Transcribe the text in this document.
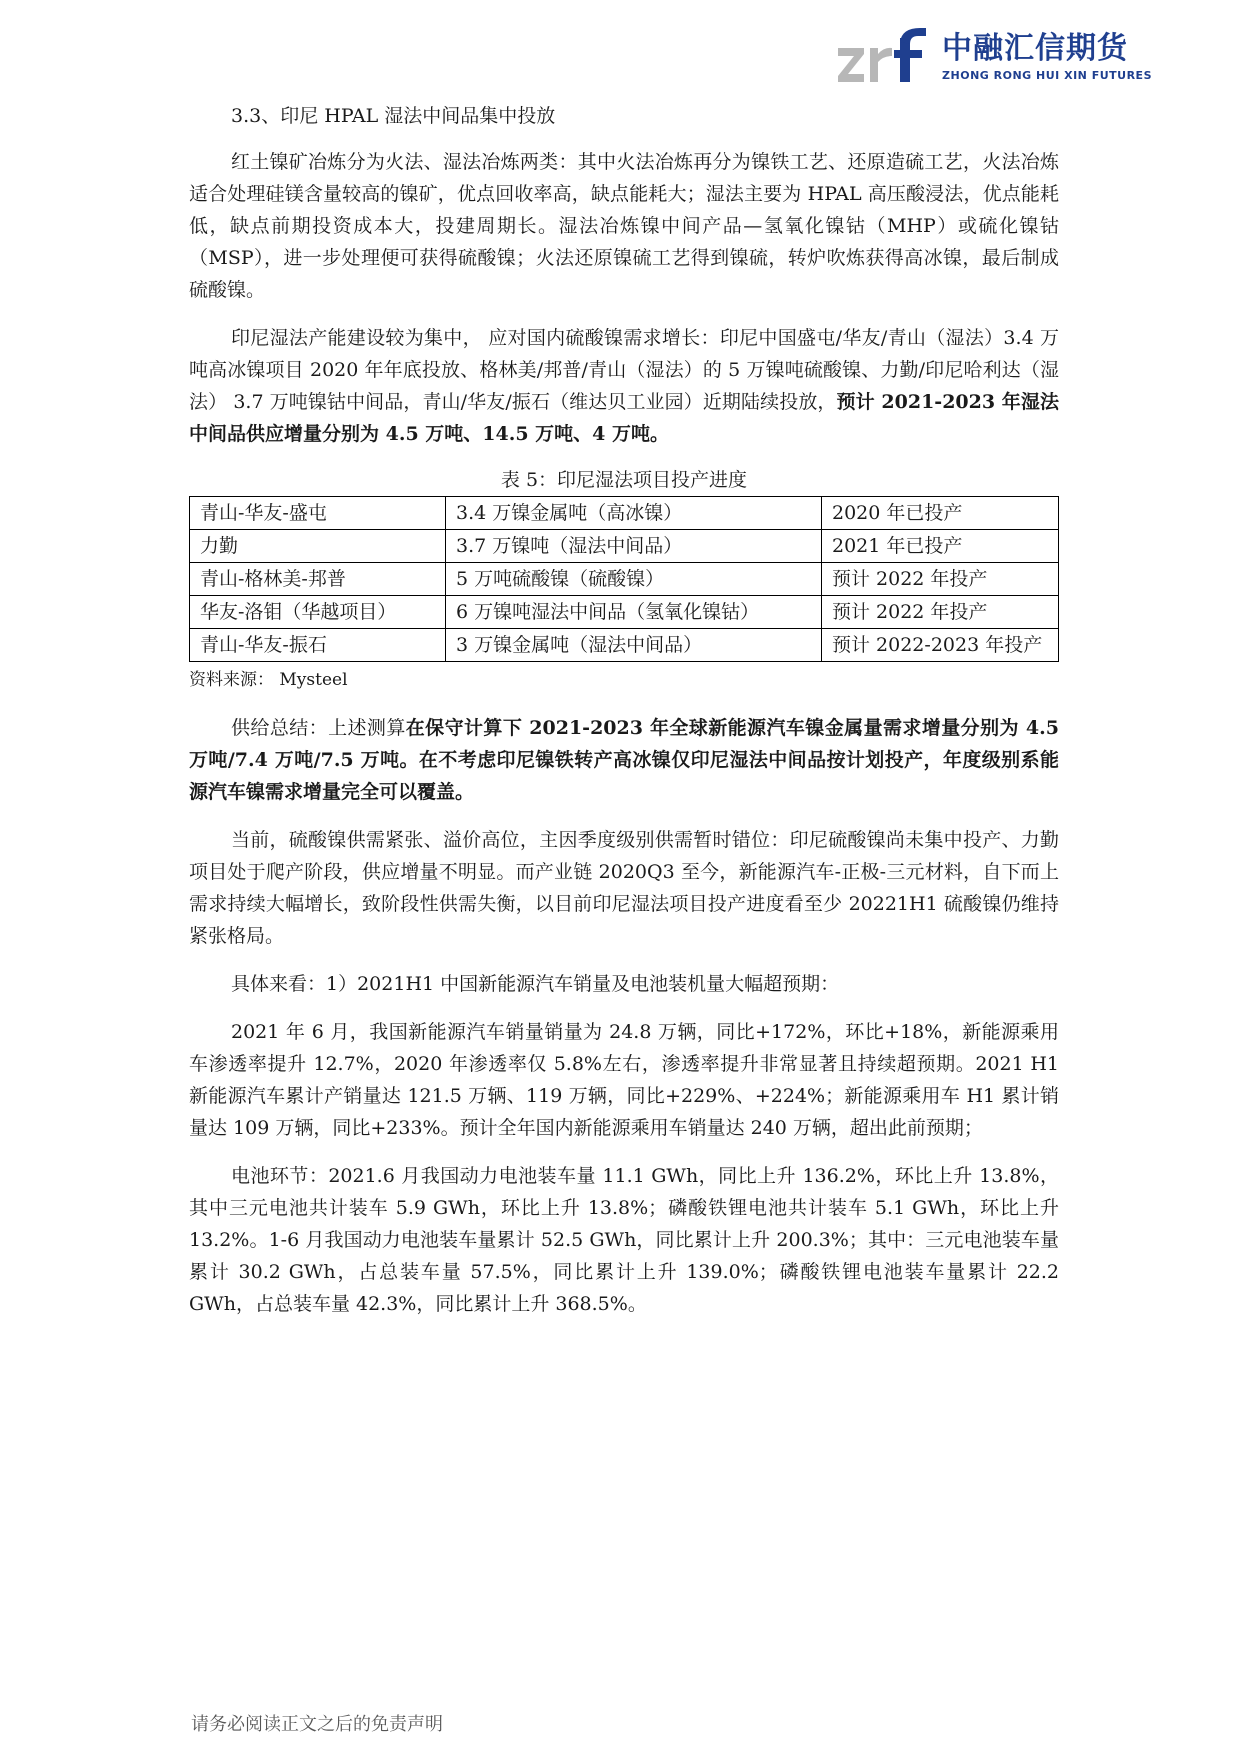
中融汇信期货
ZHONG RONG HUI XIN FUTURES

3.3、印尼 HPAL 湿法中间品集中投放

红土镍矿冶炼分为火法、湿法冶炼两类：其中火法冶炼再分为镍铁工艺、还原造硫工艺，火法冶炼适合处理硅镁含量较高的镍矿，优点回收率高，缺点能耗大；湿法主要为 HPAL 高压酸浸法，优点能耗低，缺点前期投资成本大，投建周期长。湿法冶炼镍中间产品—氢氧化镍钴（MHP）或硫化镍钴（MSP），进一步处理便可获得硫酸镍；火法还原镍硫工艺得到镍硫，转炉吹炼获得高冰镍，最后制成硫酸镍。

印尼湿法产能建设较为集中， 应对国内硫酸镍需求增长：印尼中国盛屯/华友/青山（湿法）3.4 万吨高冰镍项目 2020 年年底投放、格林美/邦普/青山（湿法）的 5 万镍吨硫酸镍、力勤/印尼哈利达（湿法） 3.7 万吨镍钴中间品，青山/华友/振石（维达贝工业园）近期陆续投放，预计 2021-2023 年湿法中间品供应增量分别为 4.5 万吨、14.5 万吨、4 万吨。

表 5：印尼湿法项目投产进度

青山-华友-盛屯	3.4 万镍金属吨（高冰镍）	2020 年已投产
力勤	3.7 万镍吨（湿法中间品）	2021 年已投产
青山-格林美-邦普	5 万吨硫酸镍（硫酸镍）	预计 2022 年投产
华友-洛钼（华越项目）	6 万镍吨湿法中间品（氢氧化镍钴）	预计 2022 年投产
青山-华友-振石	3 万镍金属吨（湿法中间品）	预计 2022-2023 年投产

资料来源： Mysteel

供给总结：上述测算在保守计算下 2021-2023 年全球新能源汽车镍金属量需求增量分别为 4.5 万吨/7.4 万吨/7.5 万吨。在不考虑印尼镍铁转产高冰镍仅印尼湿法中间品按计划投产，年度级别系能源汽车镍需求增量完全可以覆盖。

当前，硫酸镍供需紧张、溢价高位，主因季度级别供需暂时错位：印尼硫酸镍尚未集中投产、力勤项目处于爬产阶段，供应增量不明显。而产业链 2020Q3 至今，新能源汽车-正极-三元材料，自下而上需求持续大幅增长，致阶段性供需失衡，以目前印尼湿法项目投产进度看至少 20221H1 硫酸镍仍维持紧张格局。

具体来看：1）2021H1 中国新能源汽车销量及电池装机量大幅超预期：

2021 年 6 月，我国新能源汽车销量销量为 24.8 万辆，同比+172%，环比+18%，新能源乘用车渗透率提升 12.7%，2020 年渗透率仅 5.8%左右，渗透率提升非常显著且持续超预期。2021 H1 新能源汽车累计产销量达 121.5 万辆、119 万辆，同比+229%、+224%；新能源乘用车 H1 累计销量达 109 万辆，同比+233%。预计全年国内新能源乘用车销量达 240 万辆，超出此前预期；

电池环节：2021.6 月我国动力电池装车量 11.1 GWh，同比上升 136.2%，环比上升 13.8%，其中三元电池共计装车 5.9 GWh，环比上升 13.8%；磷酸铁锂电池共计装车 5.1 GWh，环比上升 13.2%。1-6 月我国动力电池装车量累计 52.5 GWh，同比累计上升 200.3%；其中：三元电池装车量累计 30.2 GWh，占总装车量 57.5%，同比累计上升 139.0%；磷酸铁锂电池装车量累计 22.2 GWh，占总装车量 42.3%，同比累计上升 368.5%。

请务必阅读正文之后的免责声明
